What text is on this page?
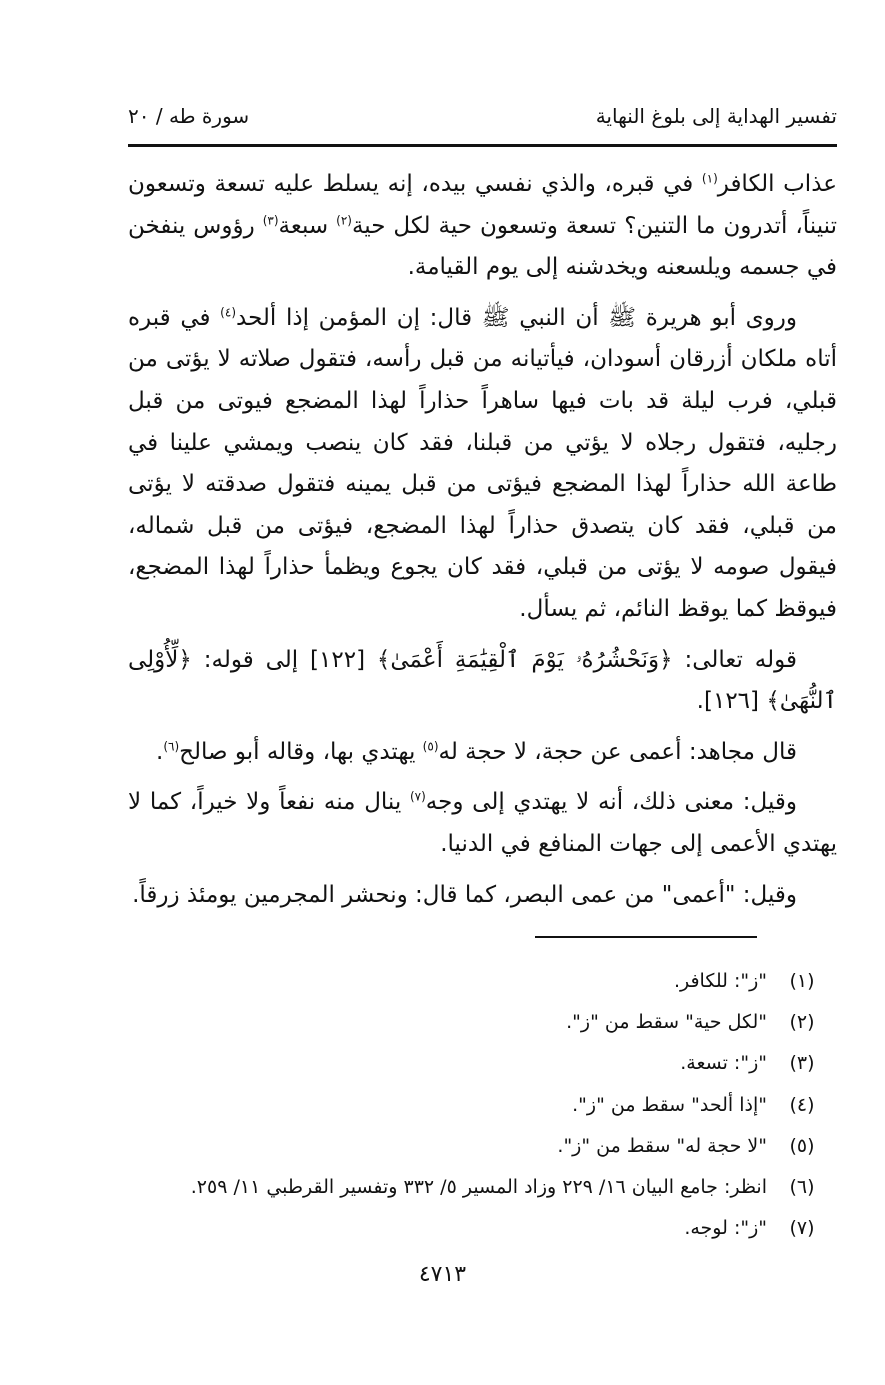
تفسير الهداية إلى بلوغ النهاية
سورة طه / ٢٠

عذاب الكافر$^{(١)}$ في قبره، والذي نفسي بيده، إنه يسلط عليه تسعة وتسعون تنيناً، أتدرون ما التنين؟ تسعة وتسعون حية لكل حية$^{(٢)}$ سبعة$^{(٣)}$ رؤوس ينفخن في جسمه ويلسعنه ويخدشنه إلى يوم القيامة.

وروى أبو هريرة ﷺ أن النبي ﷺ قال: إن المؤمن إذا ألحد$^{(٤)}$ في قبره أتاه ملكان أزرقان أسودان، فيأتيانه من قبل رأسه، فتقول صلاته لا يؤتى من قبلي، فرب ليلة قد بات فيها ساهراً حذاراً لهذا المضجع فيوتى من قبل رجليه، فتقول رجلاه لا يؤتي من قبلنا، فقد كان ينصب ويمشي علينا في طاعة الله حذاراً لهذا المضجع فيؤتى من قبل يمينه فتقول صدقته لا يؤتى من قبلي، فقد كان يتصدق حذاراً لهذا المضجع، فيؤتى من قبل شماله، فيقول صومه لا يؤتى من قبلي، فقد كان يجوع ويظمأ حذاراً لهذا المضجع، فيوقظ كما يوقظ النائم، ثم يسأل.

قوله تعالى: ﴿وَنَحْشُرُهُۥ يَوْمَ ٱلْقِيَٰمَةِ أَعْمَىٰ﴾ [١٢٢] إلى قوله: ﴿لِّأُوْلِى ٱلنُّهَىٰ﴾ [١٢٦].

قال مجاهد: أعمى عن حجة، لا حجة له$^{(٥)}$ يهتدي بها، وقاله أبو صالح$^{(٦)}$.

وقيل: معنى ذلك، أنه لا يهتدي إلى وجه$^{(٧)}$ ينال منه نفعاً ولا خيراً، كما لا يهتدي الأعمى إلى جهات المنافع في الدنيا.

وقيل: "أعمى" من عمى البصر، كما قال: ونحشر المجرمين يومئذ زرقاً.

(١)
"ز": للكافر.
(٢)
"لكل حية" سقط من "ز".
(٣)
"ز": تسعة.
(٤)
"إذا ألحد" سقط من "ز".
(٥)
"لا حجة له" سقط من "ز".
(٦)
انظر: جامع البيان ١٦/ ٢٢٩ وزاد المسير ٥/ ٣٣٢ وتفسير القرطبي ١١/ ٢٥٩.
(٧)
"ز": لوجه.
٤٧١٣
